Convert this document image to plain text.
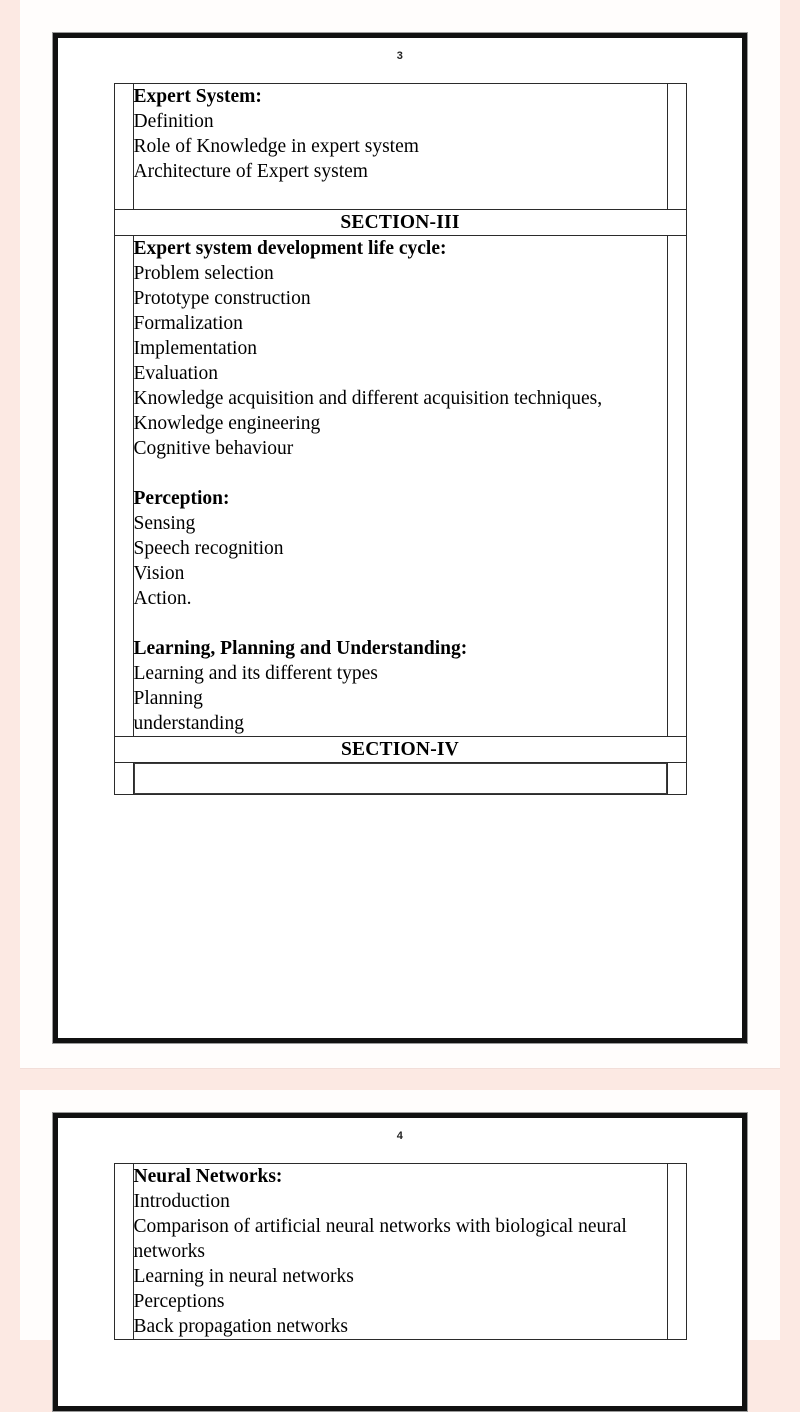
3

	Expert System:
Definition
Role of Knowledge in expert system
Architecture of Expert system	

SECTION-III		

Expert system development life cycle:
Problem selection
Prototype construction
Formalization
Implementation
Evaluation
Knowledge acquisition and different acquisition techniques,
Knowledge engineering
Cognitive behaviour
Perception:
Sensing
Speech recognition
Vision
Action.
Learning, Planning and Understanding:
Learning and its different types
Planning
understanding

SECTION-IV		

4

Neural Networks:
Introduction
Comparison of artificial neural networks with biological neural networks
Learning in neural networks
Perceptions
Back propagation networks
